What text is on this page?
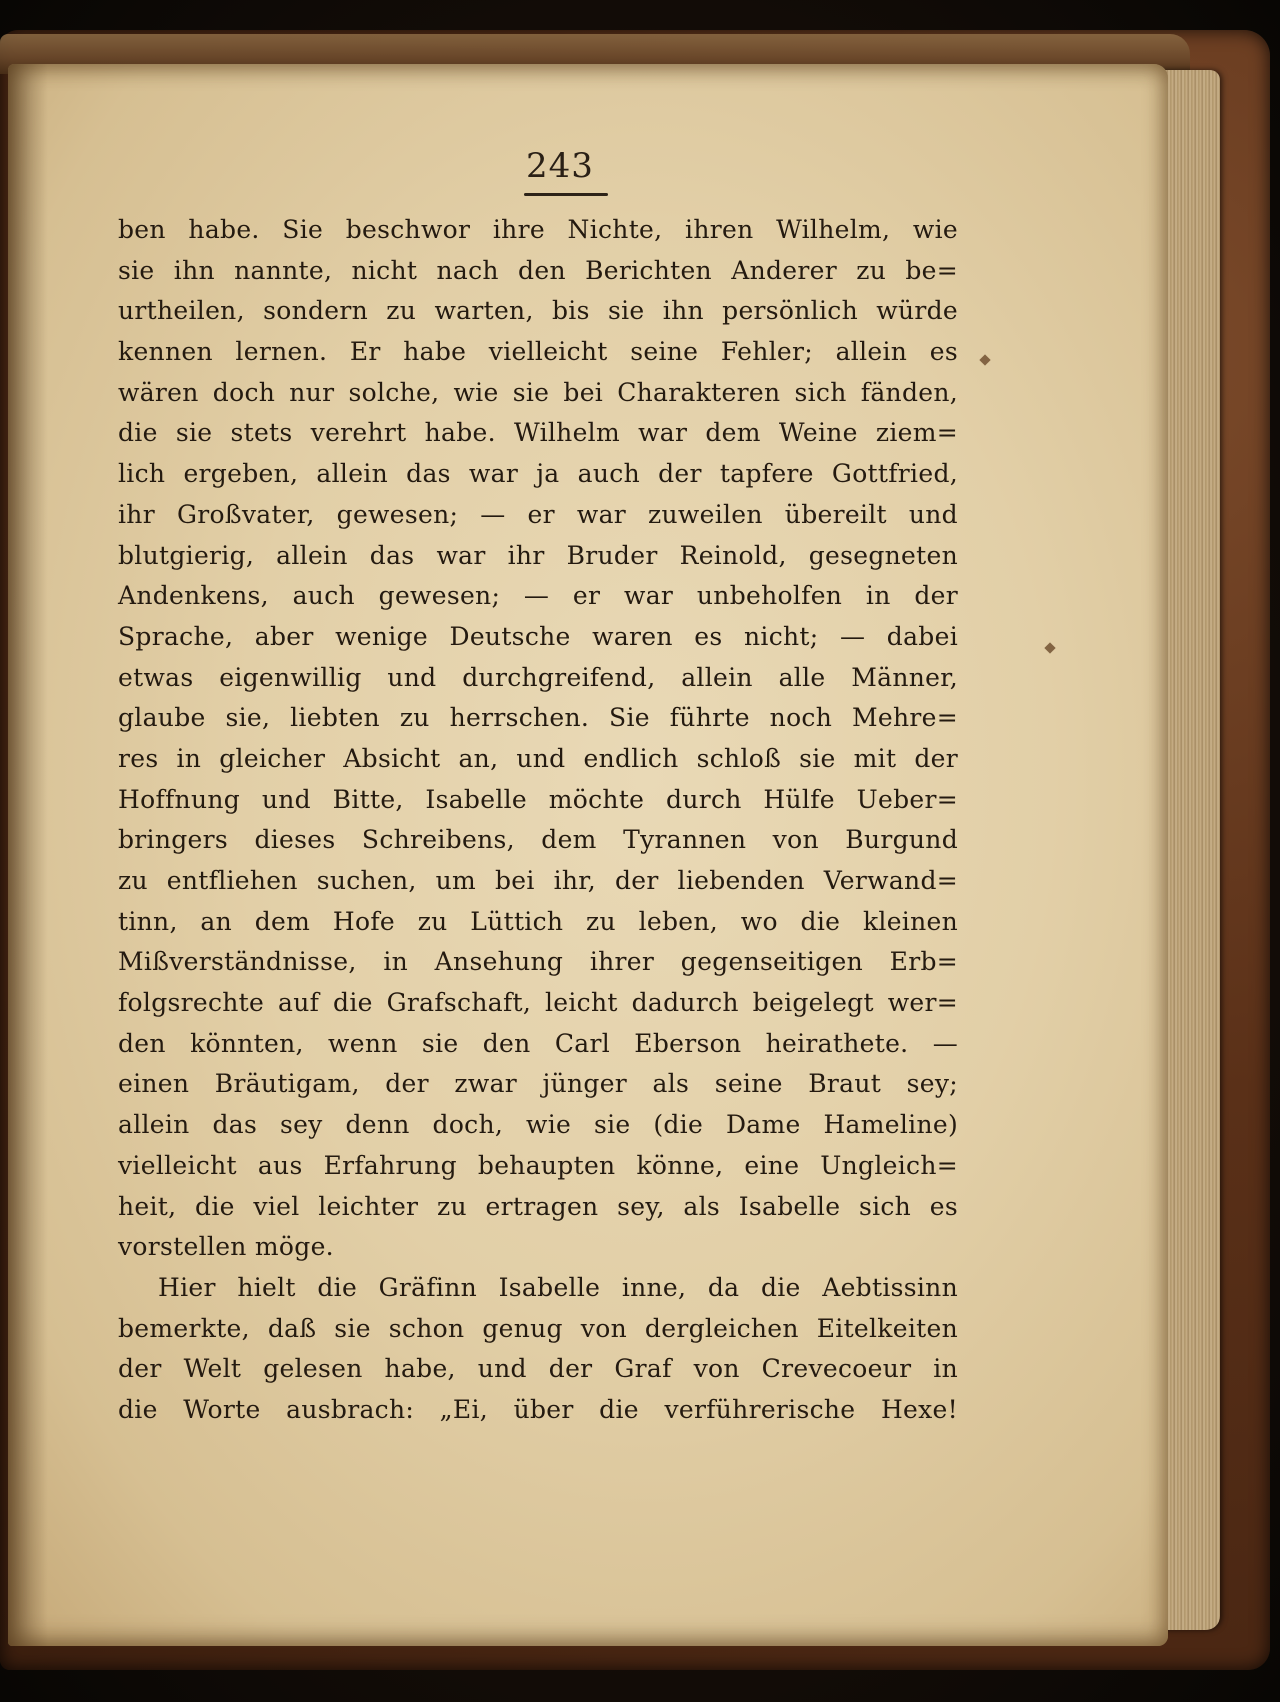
243
ben habe. Sie beschwor ihre Nichte, ihren Wilhelm, wie
sie ihn nannte, nicht nach den Berichten Anderer zu be=
urtheilen, sondern zu warten, bis sie ihn persönlich würde
kennen lernen. Er habe vielleicht seine Fehler; allein es
wären doch nur solche, wie sie bei Charakteren sich fänden,
die sie stets verehrt habe. Wilhelm war dem Weine ziem=
lich ergeben, allein das war ja auch der tapfere Gottfried,
ihr Großvater, gewesen; — er war zuweilen übereilt und
blutgierig, allein das war ihr Bruder Reinold, gesegneten
Andenkens, auch gewesen; — er war unbeholfen in der
Sprache, aber wenige Deutsche waren es nicht; — dabei
etwas eigenwillig und durchgreifend, allein alle Männer,
glaube sie, liebten zu herrschen. Sie führte noch Mehre=
res in gleicher Absicht an, und endlich schloß sie mit der
Hoffnung und Bitte, Isabelle möchte durch Hülfe Ueber=
bringers dieses Schreibens, dem Tyrannen von Burgund
zu entfliehen suchen, um bei ihr, der liebenden Verwand=
tinn, an dem Hofe zu Lüttich zu leben, wo die kleinen
Mißverständnisse, in Ansehung ihrer gegenseitigen Erb=
folgsrechte auf die Grafschaft, leicht dadurch beigelegt wer=
den könnten, wenn sie den Carl Eberson heirathete. —
einen Bräutigam, der zwar jünger als seine Braut sey;
allein das sey denn doch, wie sie (die Dame Hameline)
vielleicht aus Erfahrung behaupten könne, eine Ungleich=
heit, die viel leichter zu ertragen sey, als Isabelle sich es
vorstellen möge.
Hier hielt die Gräfinn Isabelle inne, da die Aebtissinn
bemerkte, daß sie schon genug von dergleichen Eitelkeiten
der Welt gelesen habe, und der Graf von Crevecoeur in
die Worte ausbrach: „Ei, über die verführerische Hexe!
